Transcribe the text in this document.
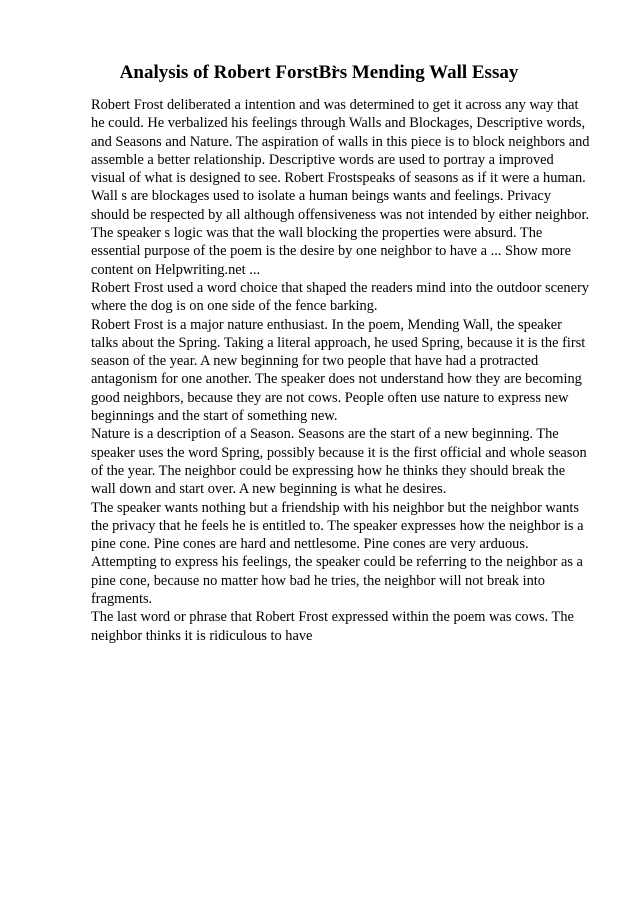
Analysis of Robert ForstBr̀s Mending Wall Essay

Robert Frost deliberated a intention and was determined to get it across any way that he could. He verbalized his feelings through Walls and Blockages, Descriptive words, and Seasons and Nature. The aspiration of walls in this piece is to block neighbors and assemble a better relationship. Descriptive words are used to portray a improved visual of what is designed to see. Robert Frostspeaks of seasons as if it were a human.

Wall s are blockages used to isolate a human beings wants and feelings. Privacy should be respected by all although offensiveness was not intended by either neighbor. The speaker s logic was that the wall blocking the properties were absurd. The essential purpose of the poem is the desire by one neighbor to have a ... Show more content on Helpwriting.net ...

Robert Frost used a word choice that shaped the readers mind into the outdoor scenery where the dog is on one side of the fence barking.

Robert Frost is a major nature enthusiast. In the poem, Mending Wall, the speaker talks about the Spring. Taking a literal approach, he used Spring, because it is the first season of the year. A new beginning for two people that have had a protracted antagonism for one another. The speaker does not understand how they are becoming good neighbors, because they are not cows. People often use nature to express new beginnings and the start of something new.

Nature is a description of a Season. Seasons are the start of a new beginning. The speaker uses the word Spring, possibly because it is the first official and whole season of the year. The neighbor could be expressing how he thinks they should break the wall down and start over. A new beginning is what he desires.

The speaker wants nothing but a friendship with his neighbor but the neighbor wants the privacy that he feels he is entitled to. The speaker expresses how the neighbor is a pine cone. Pine cones are hard and nettlesome. Pine cones are very arduous. Attempting to express his feelings, the speaker could be referring to the neighbor as a pine cone, because no matter how bad he tries, the neighbor will not break into fragments.

The last word or phrase that Robert Frost expressed within the poem was cows. The neighbor thinks it is ridiculous to have
